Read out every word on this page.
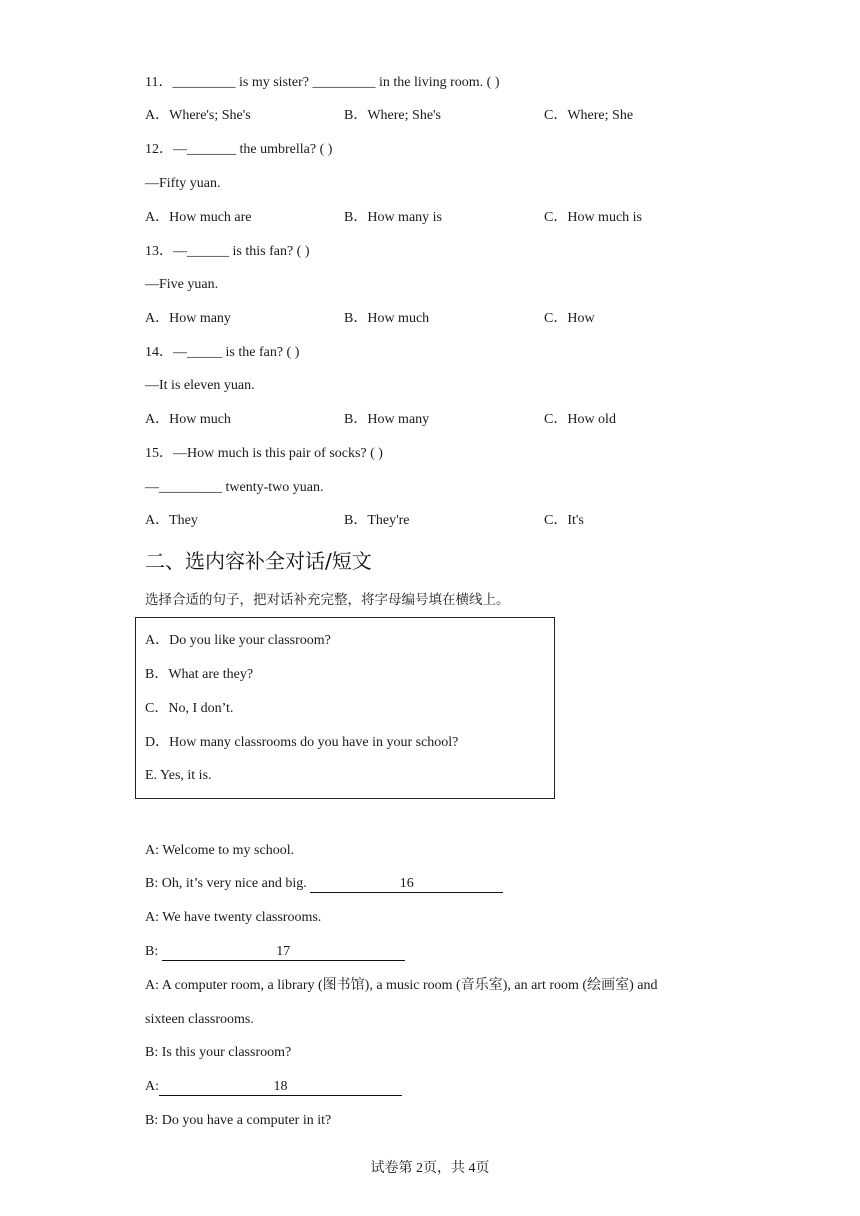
11．_________ is my sister? _________ in the living room. ( )
A．Where's; She's	B．Where; She's	C．Where; She
12．—_______ the umbrella? ( )
—Fifty yuan.
A．How much are	B．How many is	C．How much is
13．—______ is this fan? ( )
—Five yuan.
A．How many	B．How much	C．How
14．—_____ is the fan? ( )
—It is eleven yuan.
A．How much	B．How many	C．How old
15．—How much is this pair of socks? ( )
—_________ twenty-two yuan.
A．They	B．They're	C．It's
二、选内容补全对话/短文
选择合适的句子，把对话补充完整，将字母编号填在横线上。
A．Do you like your classroom?
B．What are they?
C．No, I don’t.
D．How many classrooms do you have in your school?
E. Yes, it is.
A: Welcome to my school.
B: Oh, it’s very nice and big.	16
A: We have twenty classrooms.
B:	17
A: A computer room, a library (图书馆), a music room (音乐室), an art room (绘画室) and
sixteen classrooms.
B: Is this your classroom?
A:	18
B: Do you have a computer in it?
试卷第 2页，共 4页
